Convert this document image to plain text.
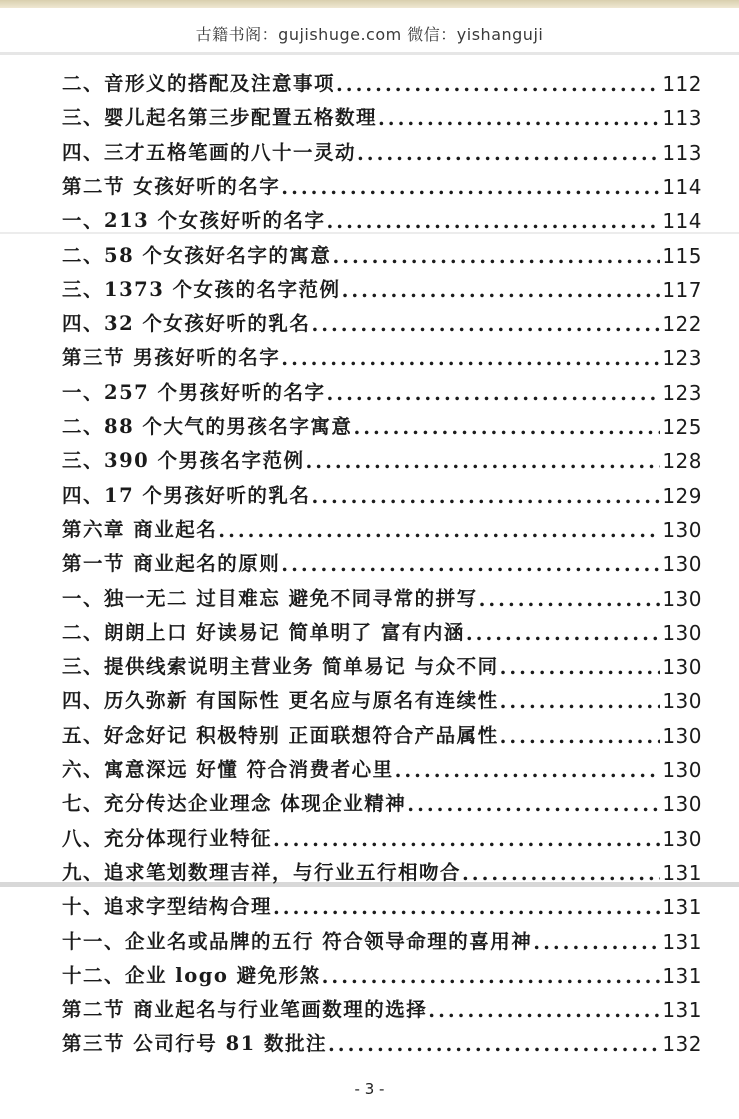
古籍书阁：gujishuge.com 微信：yishanguji
二、音形义的搭配及注意事项 .....	112
三、婴儿起名第三步配置五格数理 .....	113
四、三才五格笔画的八十一灵动 .....	113
第二节 女孩好听的名字 .....	114
一、213 个女孩好听的名字 .....	114
二、58 个女孩好名字的寓意 .....	115
三、1373 个女孩的名字范例 .....	117
四、32 个女孩好听的乳名 .....	122
第三节 男孩好听的名字 .....	123
一、257 个男孩好听的名字 .....	123
二、88 个大气的男孩名字寓意 .....	125
三、390 个男孩名字范例 .....	128
四、17 个男孩好听的乳名 .....	129
第六章 商业起名 .....	130
第一节 商业起名的原则 .....	130
一、独一无二 过目难忘 避免不同寻常的拼写 .....	130
二、朗朗上口 好读易记 简单明了 富有内涵 .....	130
三、提供线索说明主营业务 简单易记 与众不同 .....	130
四、历久弥新 有国际性 更名应与原名有连续性 .....	130
五、好念好记 积极特别 正面联想符合产品属性 .....	130
六、寓意深远 好懂 符合消费者心里 .....	130
七、充分传达企业理念 体现企业精神 .....	130
八、充分体现行业特征 .....	130
九、追求笔划数理吉祥，与行业五行相吻合 .....	131
十、追求字型结构合理 .....	131
十一、企业名或品牌的五行 符合领导命理的喜用神 .....	131
十二、企业 logo 避免形煞 .....	131
第二节 商业起名与行业笔画数理的选择 .....	131
第三节 公司行号 81 数批注 .....	132
- 3 -
